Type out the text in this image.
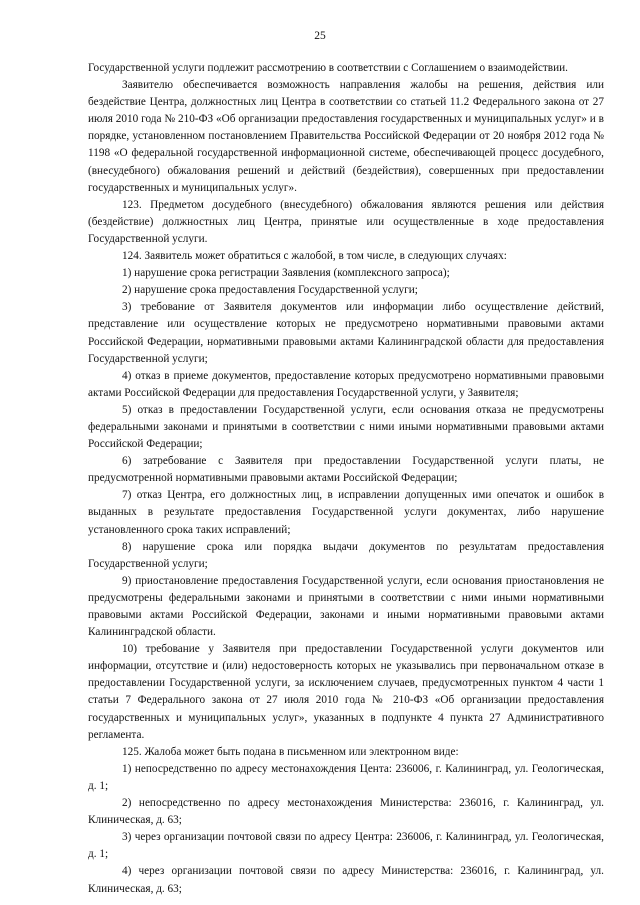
25

Государственной услуги подлежит рассмотрению в соответствии с Соглашением о взаимодействии.

Заявителю обеспечивается возможность направления жалобы на решения, действия или бездействие Центра, должностных лиц Центра в соответствии со статьей 11.2 Федерального закона от 27 июля 2010 года № 210-ФЗ «Об организации предоставления государственных и муниципальных услуг» и в порядке, установленном постановлением Правительства Российской Федерации от 20 ноября 2012 года № 1198 «О федеральной государственной информационной системе, обеспечивающей процесс досудебного, (внесудебного) обжалования решений и действий (бездействия), совершенных при предоставлении государственных и муниципальных услуг».

123. Предметом досудебного (внесудебного) обжалования являются решения или действия (бездействие) должностных лиц Центра, принятые или осуществленные в ходе предоставления Государственной услуги.

124. Заявитель может обратиться с жалобой, в том числе, в следующих случаях:

1) нарушение срока регистрации Заявления (комплексного запроса);

2) нарушение срока предоставления Государственной услуги;

3) требование от Заявителя документов или информации либо осуществление действий, представление или осуществление которых не предусмотрено нормативными правовыми актами Российской Федерации, нормативными правовыми актами Калининградской области для предоставления Государственной услуги;

4) отказ в приеме документов, предоставление которых предусмотрено нормативными правовыми актами Российской Федерации для предоставления Государственной услуги, у Заявителя;

5) отказ в предоставлении Государственной услуги, если основания отказа не предусмотрены федеральными законами и принятыми в соответствии с ними иными нормативными правовыми актами Российской Федерации;

6) затребование с Заявителя при предоставлении Государственной услуги платы, не предусмотренной нормативными правовыми актами Российской Федерации;

7) отказ Центра, его должностных лиц, в исправлении допущенных ими опечаток и ошибок в выданных в результате предоставления Государственной услуги документах, либо нарушение установленного срока таких исправлений;

8) нарушение срока или порядка выдачи документов по результатам предоставления Государственной услуги;

9) приостановление предоставления Государственной услуги, если основания приостановления не предусмотрены федеральными законами и принятыми в соответствии с ними иными нормативными правовыми актами Российской Федерации, законами и иными нормативными правовыми актами Калининградской области.

10) требование у Заявителя при предоставлении Государственной услуги документов или информации, отсутствие и (или) недостоверность которых не указывались при первоначальном отказе в предоставлении Государственной услуги, за исключением случаев, предусмотренных пунктом 4 части 1 статьи 7 Федерального закона от 27 июля 2010 года № 210-ФЗ «Об организации предоставления государственных и муниципальных услуг», указанных в подпункте 4 пункта 27 Административного регламента.

125. Жалоба может быть подана в письменном или электронном виде:

1) непосредственно по адресу местонахождения Цента: 236006, г. Калининград, ул. Геологическая, д. 1;

2) непосредственно по адресу местонахождения Министерства: 236016, г. Калининград, ул. Клиническая, д. 63;

3) через организации почтовой связи по адресу Центра: 236006, г. Калининград, ул. Геологическая, д. 1;

4) через организации почтовой связи по адресу Министерства: 236016, г. Калининград, ул. Клиническая, д. 63;
